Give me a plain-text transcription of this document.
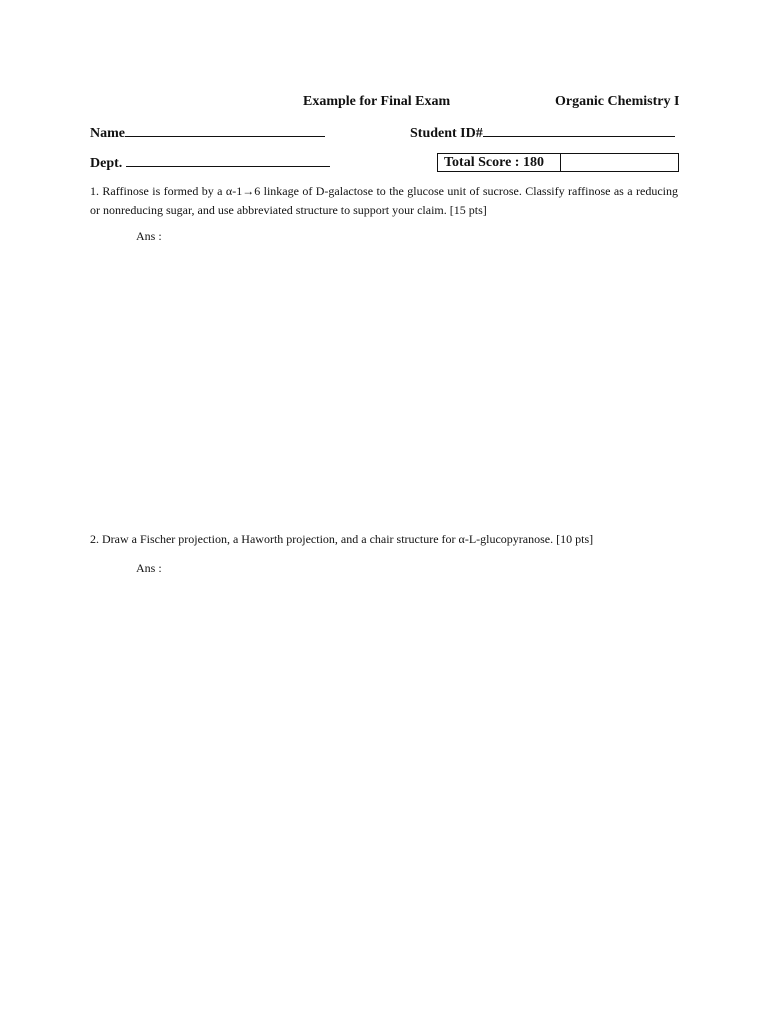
Example for Final Exam	Organic Chemistry I
Name	Student ID#
Dept.	Total Score : 180
1. Raffinose is formed by a α-1→6 linkage of D-galactose to the glucose unit of sucrose. Classify raffinose as a reducing or nonreducing sugar, and use abbreviated structure to support your claim. [15 pts]
Ans :
2. Draw a Fischer projection, a Haworth projection, and a chair structure for α-L-glucopyranose. [10 pts]
Ans :
